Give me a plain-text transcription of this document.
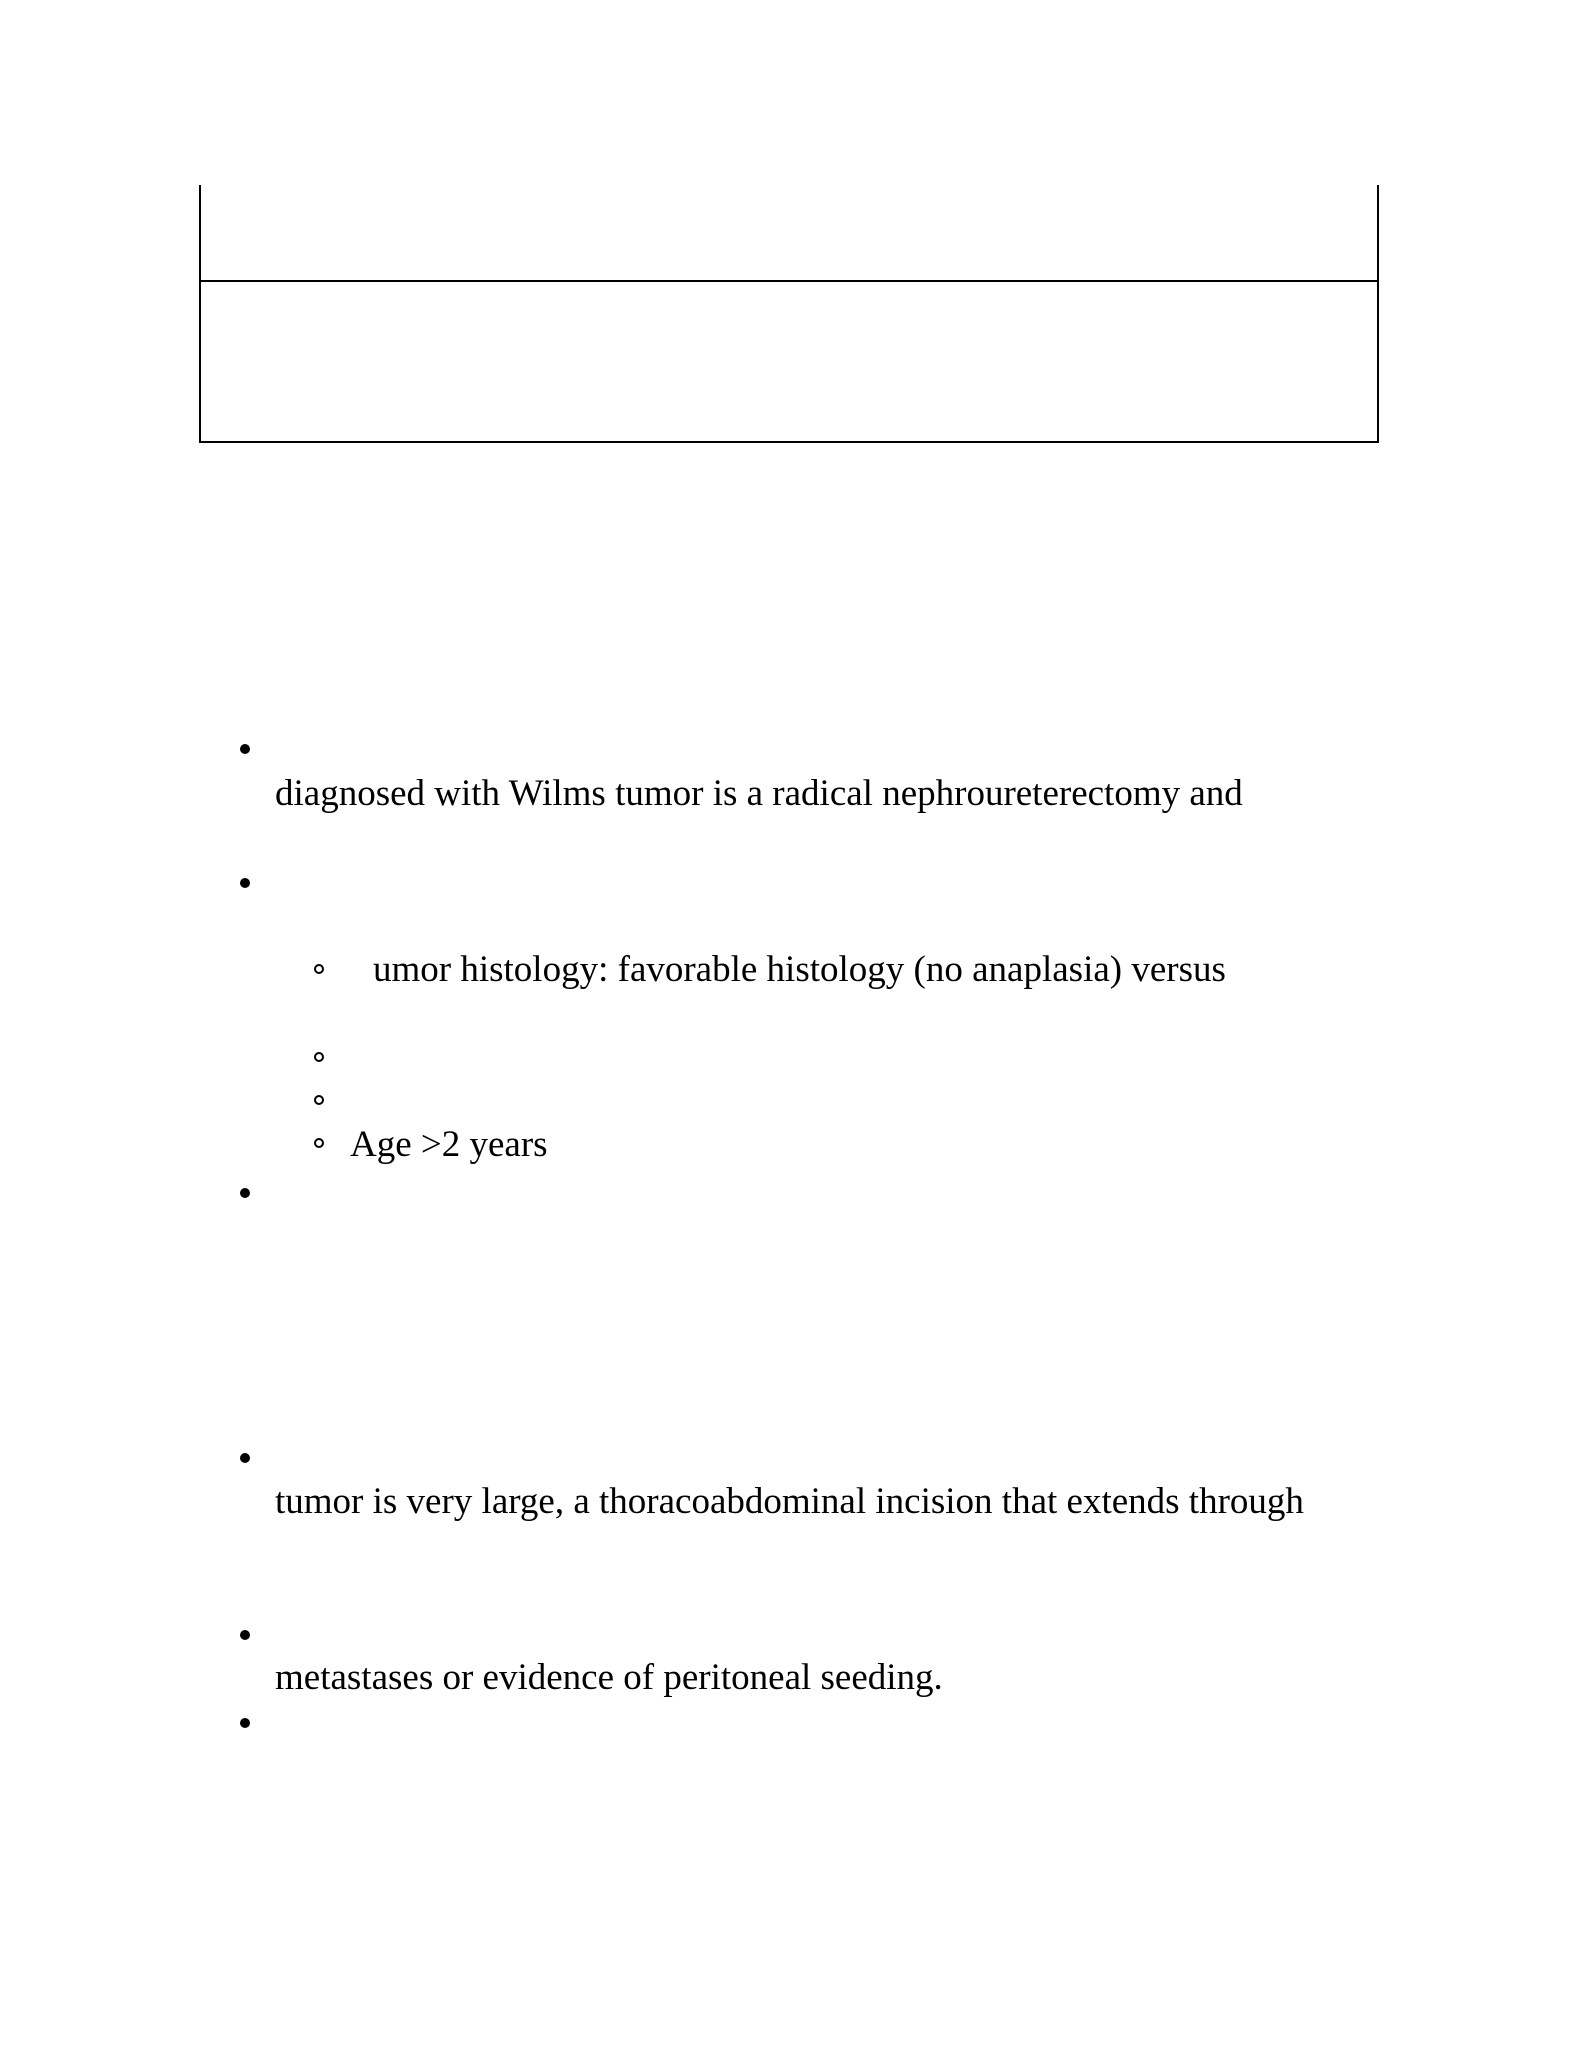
diagnosed with Wilms tumor is a radical nephroureterectomy and
umor histology: favorable histology (no anaplasia) versus
Age >2 years
tumor is very large, a thoracoabdominal incision that extends through
metastases or evidence of peritoneal seeding.
